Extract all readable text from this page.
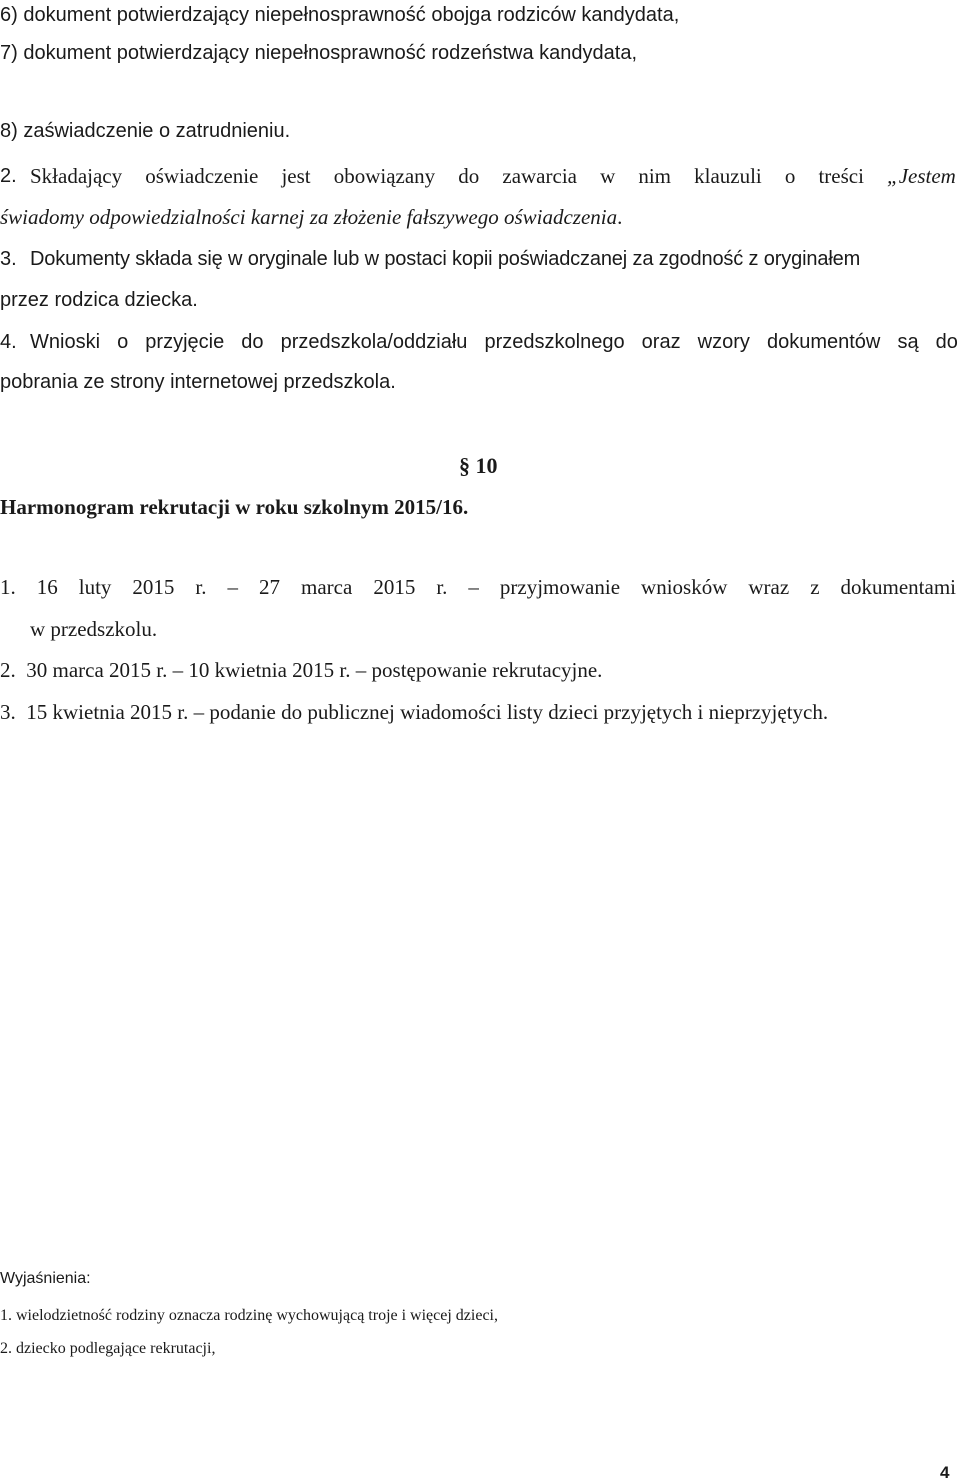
6) dokument potwierdzający niepełnosprawność obojga rodziców kandydata,
7) dokument potwierdzający niepełnosprawność rodzeństwa kandydata,
8) zaświadczenie o zatrudnieniu.
2. Składający oświadczenie jest obowiązany do zawarcia w nim klauzuli o treści „Jestem
świadomy odpowiedzialności karnej za złożenie fałszywego oświadczenia.
3. Dokumenty składa się w oryginale lub w postaci kopii poświadczanej za zgodność z oryginałem
przez rodzica dziecka.
4. Wnioski o przyjęcie do przedszkola/oddziału przedszkolnego oraz wzory dokumentów są do
pobrania ze strony internetowej przedszkola.
§ 10
Harmonogram rekrutacji w roku szkolnym 2015/16.
1. 16 luty 2015 r. – 27 marca 2015 r. – przyjmowanie wniosków wraz z dokumentami
w przedszkolu.
2.  30 marca 2015 r. – 10 kwietnia 2015 r. – postępowanie rekrutacyjne.
3.  15 kwietnia 2015 r. – podanie do publicznej wiadomości listy dzieci przyjętych i nieprzyjętych.
Wyjaśnienia:
1. wielodzietność rodziny oznacza rodzinę wychowującą troje i więcej dzieci,
2. dziecko podlegające rekrutacji,
4
